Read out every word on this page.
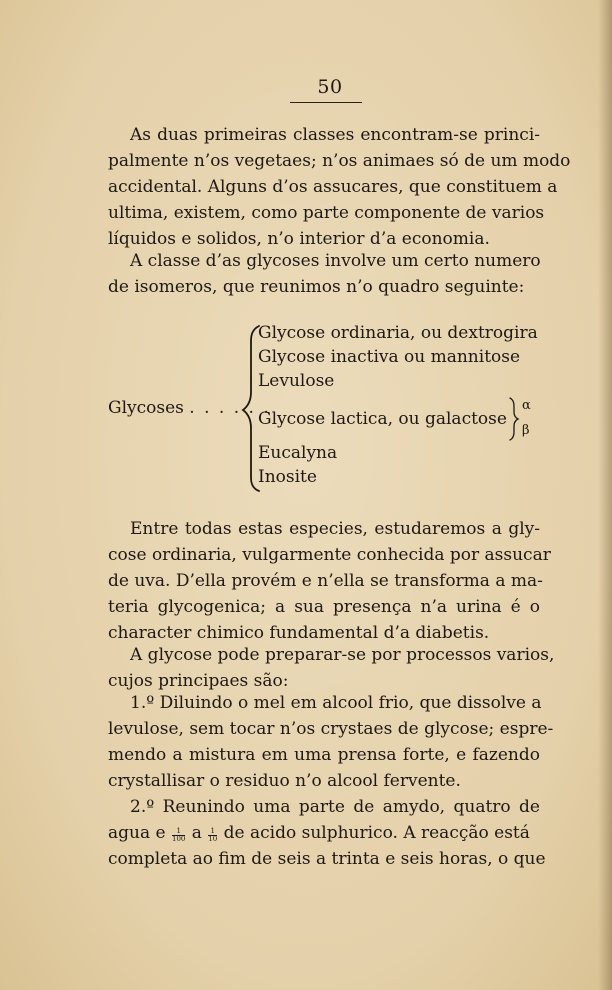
50
As duas primeiras classes encontram-se princi-
palmente n’os vegetaes; n’os animaes só de um modo
accidental. Alguns d’os assucares, que constituem a
ultima, existem, como parte componente de varios
líquidos e solidos, n’o interior d’a economia.
A classe d’as glycoses involve um certo numero
de isomeros, que reunimos n’o quadro seguinte:
Glycoses . . . . . .
Glycose ordinaria, ou dextrogira
Glycose inactiva ou mannitose
Levulose
Glycose lactica, ou galactose
Eucalyna
Inosite
α
β
Entre todas estas especies, estudaremos a gly-
cose ordinaria, vulgarmente conhecida por assucar
de uva. D’ella provém e n’ella se transforma a ma-
teria glycogenica; a sua presença n’a urina é o
character chimico fundamental d’a diabetis.
A glycose pode preparar-se por processos varios,
cujos principaes são:
1.º Diluindo o mel em alcool frio, que dissolve a
levulose, sem tocar n’os crystaes de glycose; espre-
mendo a mistura em uma prensa forte, e fazendo
crystallisar o residuo n’o alcool fervente.
2.º Reunindo uma parte de amydo, quatro de
agua e $\frac{1}{100}$ a $\frac{1}{10}$ de acido sulphurico. A reacção está
completa ao fim de seis a trinta e seis horas, o que
